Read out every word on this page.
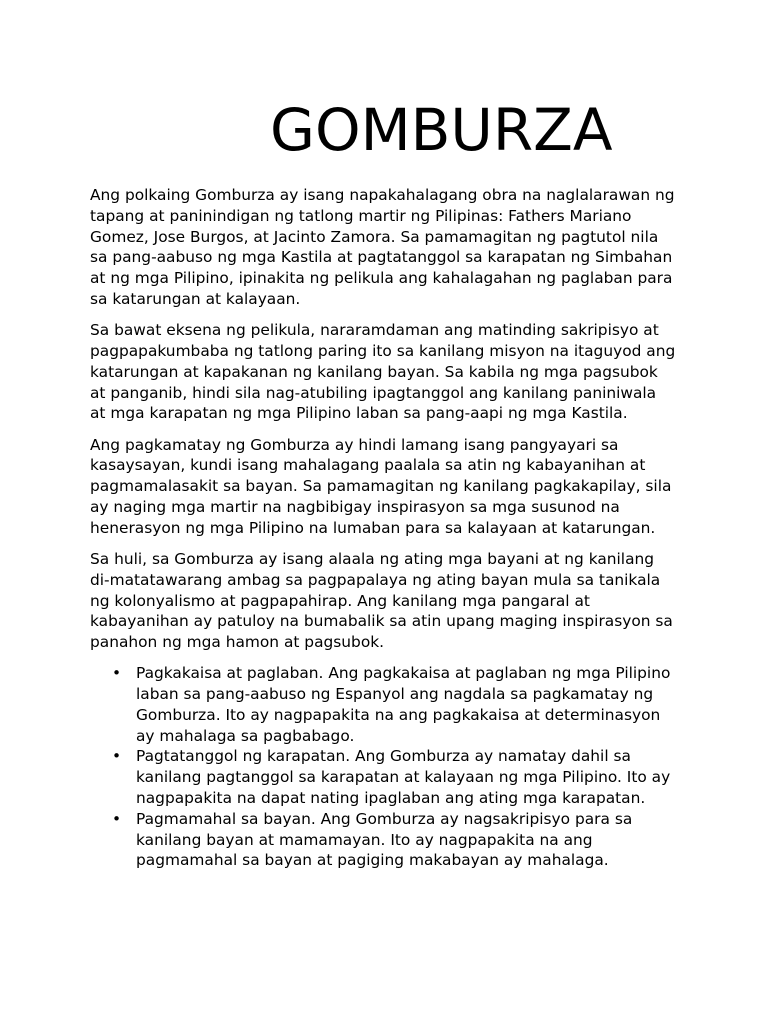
GOMBURZA

Ang polkaing Gomburza ay isang napakahalagang obra na naglalarawan ng tapang at paninindigan ng tatlong martir ng Pilipinas: Fathers Mariano Gomez, Jose Burgos, at Jacinto Zamora. Sa pamamagitan ng pagtutol nila sa pang-aabuso ng mga Kastila at pagtatanggol sa karapatan ng Simbahan at ng mga Pilipino, ipinakita ng pelikula ang kahalagahan ng paglaban para sa katarungan at kalayaan.

Sa bawat eksena ng pelikula, nararamdaman ang matinding sakripisyo at pagpapakumbaba ng tatlong paring ito sa kanilang misyon na itaguyod ang katarungan at kapakanan ng kanilang bayan. Sa kabila ng mga pagsubok at panganib, hindi sila nag-atubiling ipagtanggol ang kanilang paniniwala at mga karapatan ng mga Pilipino laban sa pang-aapi ng mga Kastila.

Ang pagkamatay ng Gomburza ay hindi lamang isang pangyayari sa kasaysayan, kundi isang mahalagang paalala sa atin ng kabayanihan at pagmamalasakit sa bayan. Sa pamamagitan ng kanilang pagkakapilay, sila ay naging mga martir na nagbibigay inspirasyon sa mga susunod na henerasyon ng mga Pilipino na lumaban para sa kalayaan at katarungan.

Sa huli, sa Gomburza ay isang alaala ng ating mga bayani at ng kanilang di-matatawarang ambag sa pagpapalaya ng ating bayan mula sa tanikala ng kolonyalismo at pagpapahirap. Ang kanilang mga pangaral at kabayanihan ay patuloy na bumabalik sa atin upang maging inspirasyon sa panahon ng mga hamon at pagsubok.

• Pagkakaisa at paglaban. Ang pagkakaisa at paglaban ng mga Pilipino laban sa pang-aabuso ng Espanyol ang nagdala sa pagkamatay ng Gomburza. Ito ay nagpapakita na ang pagkakaisa at determinasyon ay mahalaga sa pagbabago.
• Pagtatanggol ng karapatan. Ang Gomburza ay namatay dahil sa kanilang pagtanggol sa karapatan at kalayaan ng mga Pilipino. Ito ay nagpapakita na dapat nating ipaglaban ang ating mga karapatan.
• Pagmamahal sa bayan. Ang Gomburza ay nagsakripisyo para sa kanilang bayan at mamamayan. Ito ay nagpapakita na ang pagmamahal sa bayan at pagiging makabayan ay mahalaga.
